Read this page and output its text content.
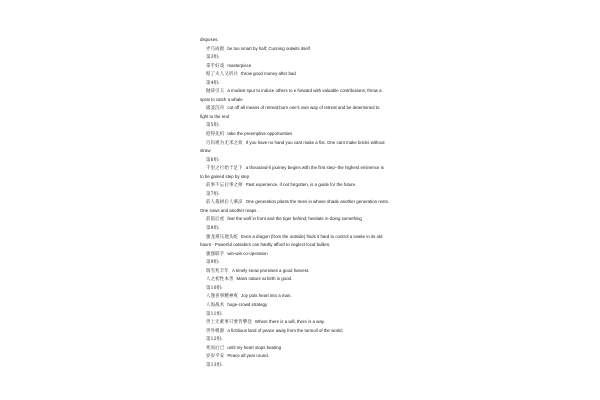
disposes.
弄巧成拙 be too smart by half; Cunning outwits itself
第3组:
拿手好戏 masterpiece
赔了夫人又折兵 throw good money after bad
第4组:
抛砖引玉 a modest spur to induce others to e forward with valuable contributions; throw a
sprat to catch a whale
破釜沉舟 cut off all means of retreat;burn one's own way of retreat and be determined to
fight to the end
第5组:
抢得先机 take the preemptive opportunities
巧妇难为无米之炊 If you have no hand you cant make a fist. One cant make bricks without
straw
第6组:
千里之行始于足下 a thousand-li journey begins with the first step--the highest eminence is
to be gained step by step
前事不忘后事之师 Past experience, if not forgotten, is a guide for the future.
第7组:
前人栽树后人乘凉 One generation plants the trees in whose shade another generation rests.
One sows and another reaps .
前狼后虎 fear the wolf in front and the tiger behind; hesitate in doing something
第8组:
强龙难压地头蛇 Even a dragon (from the outside) finds it hard to control a snake in its old
haunt - Powerful outsiders can hardly afford to neglect local bullies.
强强联手 win-win co-operation
第9组:
瑞雪兆丰年 A timely snow promises a good harvest.
人之初性本善 Mans nature at birth is good.
第10组:
人逢喜事精神爽 Joy puts heart into a man.
人海战术 huge-crowd strategy
第11组:
世上无难事只要肯攀登 Where there is a will, there is a way.
世外桃源 a fictitious land of peace away from the turmoil of the world;
第12组:
死而后已 until my heart stops beating
岁岁平安 Peace all year round.
第13组:
